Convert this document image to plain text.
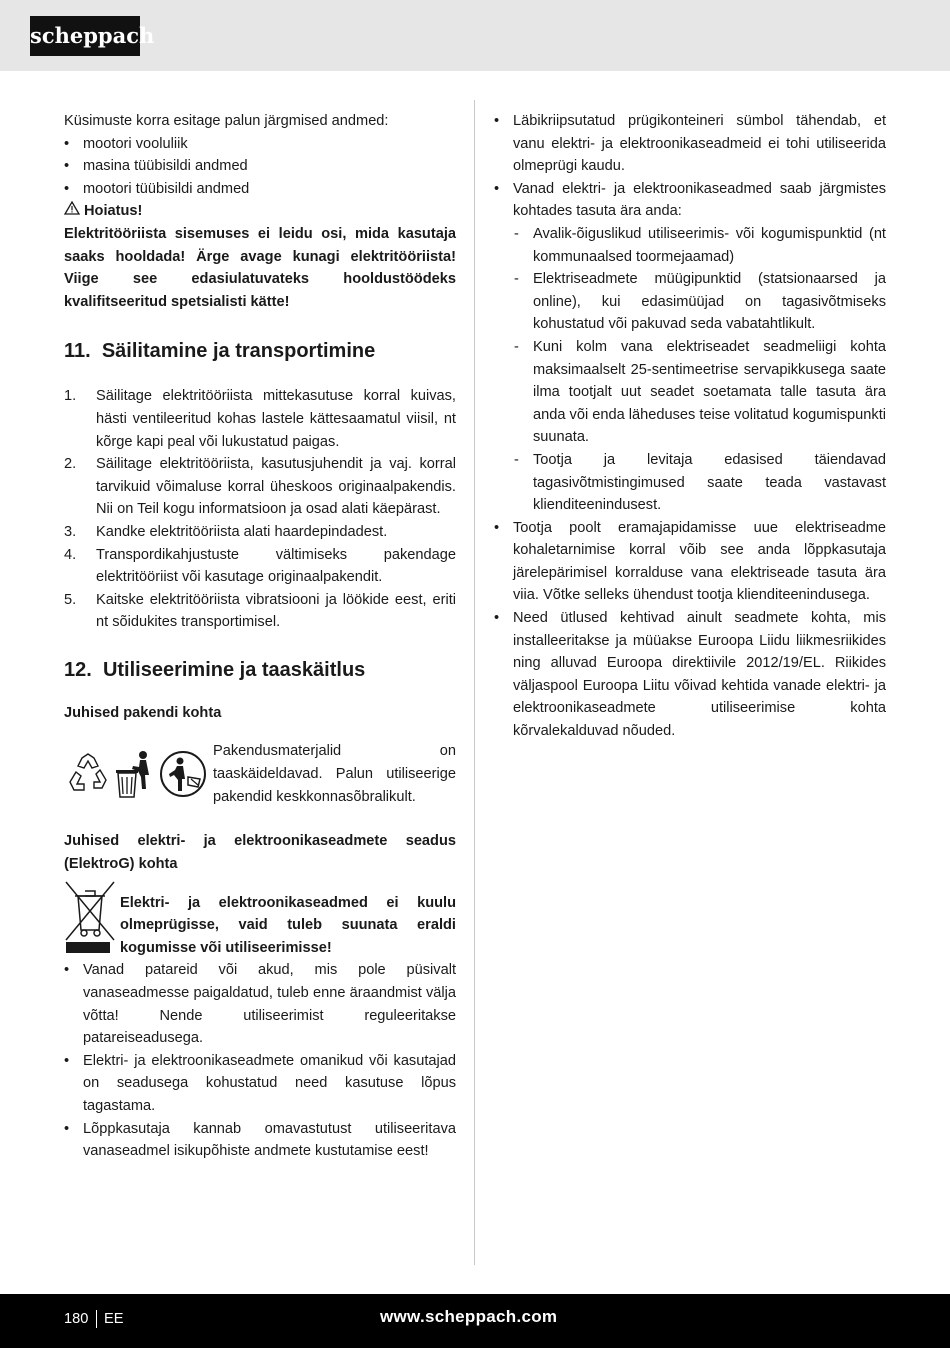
scheppach

Küsimuste korra esitage palun järgmised andmed:

• mootori vooluliik
• masina tüübisildi andmed
• mootori tüübisildi andmed

Hoiatus!

Elektritööriista sisemuses ei leidu osi, mida kasutaja saaks hooldada! Ärge avage kunagi elektritööriista! Viige see edasiulatuvateks hooldustöödeks kvalifitseeritud spetsialisti kätte!

11. Säilitamine ja transportimine
1. Säilitage elektritööriista mittekasutuse korral kuivas, hästi ventileeritud kohas lastele kättesaamatul viisil, nt kõrge kapi peal või lukustatud paigas.
2. Säilitage elektritööriista, kasutusjuhendit ja vaj. korral tarvikuid võimaluse korral üheskoos originaalpakendis. Nii on Teil kogu informatsioon ja osad alati käepärast.
3. Kandke elektritööriista alati haardepindadest.
4. Transpordikahjustuste vältimiseks pakendage elektritööriist või kasutage originaalpakendit.
5. Kaitske elektritööriista vibratsiooni ja löökide eest, eriti nt sõidukites transportimisel.
12. Utiliseerimine ja taaskäitlus

Juhised pakendi kohta

Pakendusmaterjalid on taaskäideldavad. Palun utiliseerige pakendid keskkonnasõbralikult.

Juhised elektri- ja elektroonikaseadmete seadus (ElektroG) kohta

Elektri- ja elektroonikaseadmed ei kuulu olmeprügisse, vaid tuleb suunata eraldi kogumisse või utiliseerimisse!
• Vanad patareid või akud, mis pole püsivalt vanaseadmesse paigaldatud, tuleb enne äraandmist välja võtta! Nende utiliseerimist reguleeritakse patareiseadusega.
• Elektri- ja elektroonikaseadmete omanikud või kasutajad on seadusega kohustatud need kasutuse lõpus tagastama.
• Lõppkasutaja kannab omavastutust utiliseeritava vanaseadmel isikupõhiste andmete kustutamise eest!
• Läbikriipsutatud prügikonteineri sümbol tähendab, et vanu elektri- ja elektroonikaseadmeid ei tohi utiliseerida olmeprügi kaudu.
• Vanad elektri- ja elektroonikaseadmed saab järgmistes kohtades tasuta ära anda:
- Avalik-õiguslikud utiliseerimis- või kogumispunktid (nt kommunaalsed toormejaamad)
- Elektriseadmete müügipunktid (statsionaarsed ja online), kui edasimüüjad on tagasivõtmiseks kohustatud või pakuvad seda vabatahtlikult.
- Kuni kolm vana elektriseadet seadmeliigi kohta maksimaalselt 25-sentimeetrise servapikkusega saate ilma tootjalt uut seadet soetamata talle tasuta ära anda või enda läheduses teise volitatud kogumispunkti suunata.
- Tootja ja levitaja edasised täiendavad tagasivõtmistingimused saate teada vastavast klienditeenindusest.
• Tootja poolt eramajapidamisse uue elektriseadme kohaletarnimise korral võib see anda lõppkasutaja järelepärimisel korralduse vana elektriseade tasuta ära viia. Võtke selleks ühendust tootja klienditeenindusega.
• Need ütlused kehtivad ainult seadmete kohta, mis installeeritakse ja müüakse Euroopa Liidu liikmesriikides ning alluvad Euroopa direktiivile 2012/19/EL. Riikides väljaspool Euroopa Liitu võivad kehtida vanade elektri- ja elektroonikaseadmete utiliseerimise kohta kõrvalekalduvad nõuded.
180 EE	www.scheppach.com
